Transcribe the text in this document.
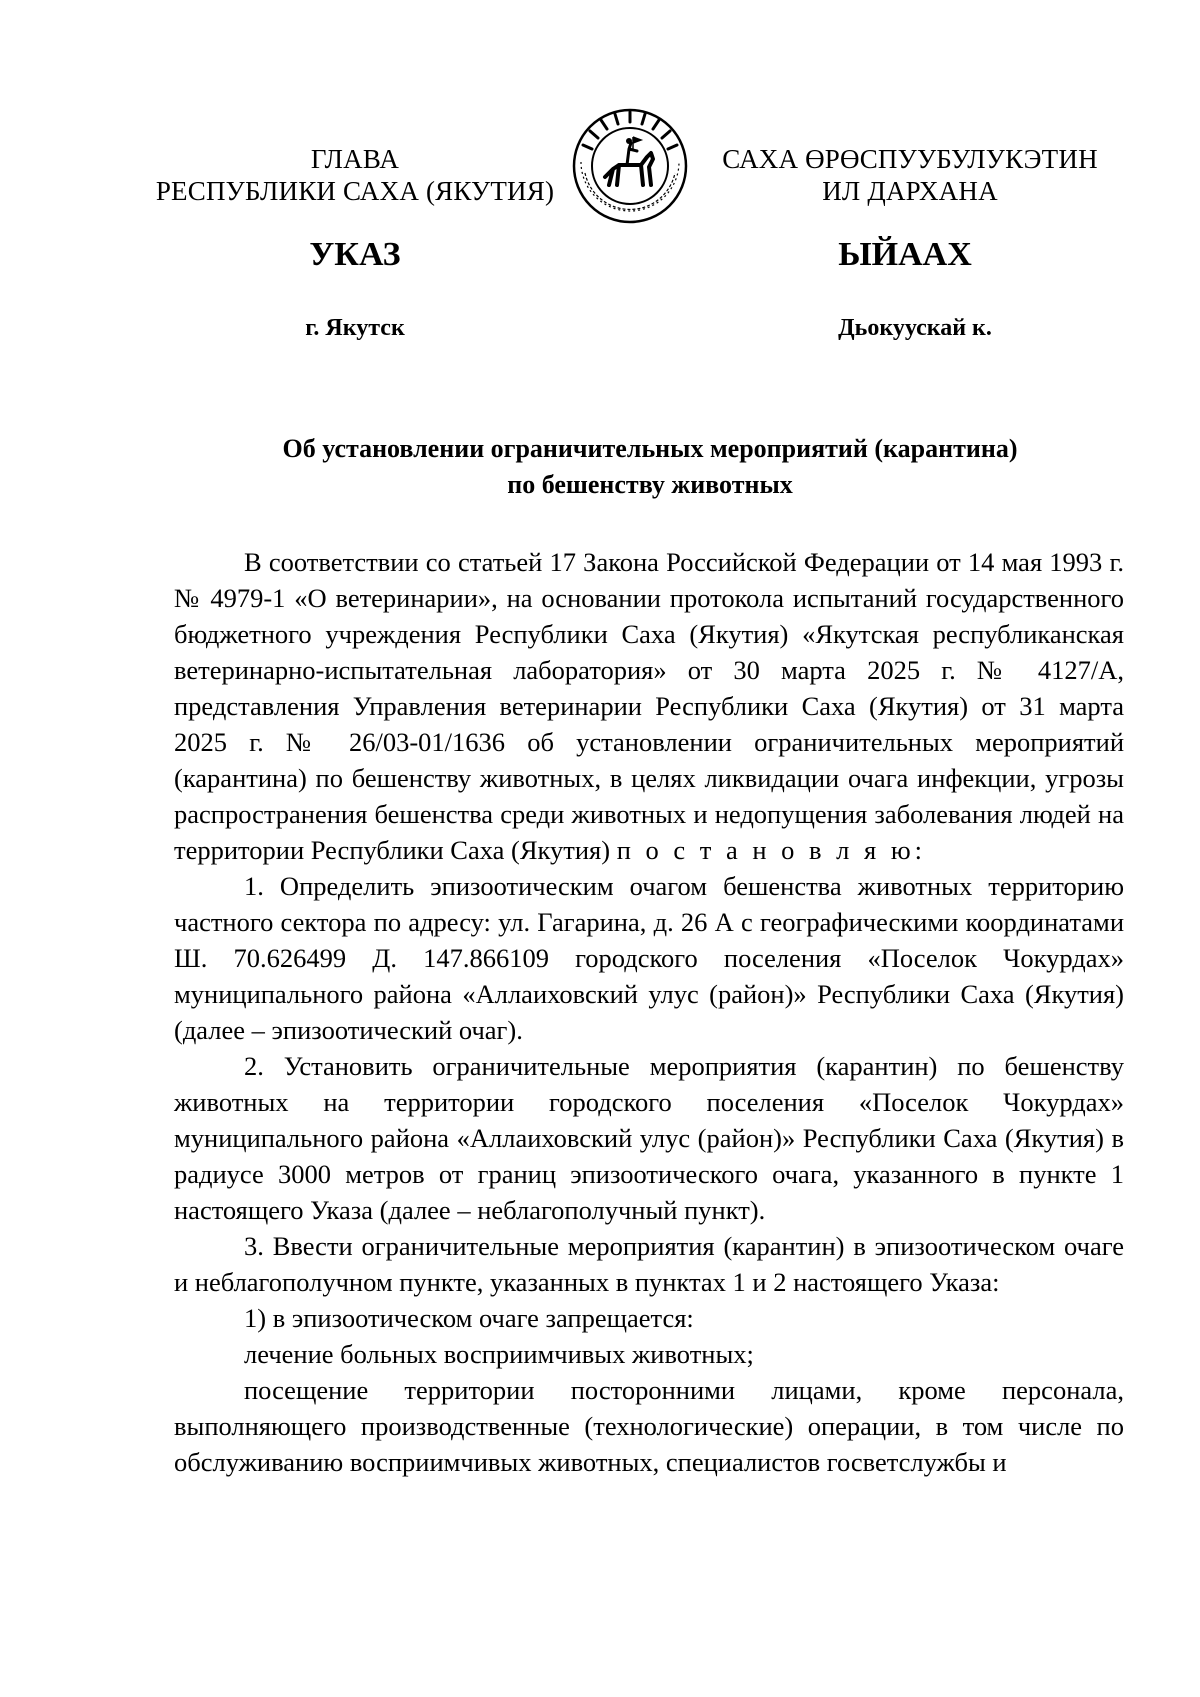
ГЛАВА
РЕСПУБЛИКИ САХА (ЯКУТИЯ)
САХА ӨРӨСПУУБУЛУКЭТИН
ИЛ ДАРХАНА
УКАЗ	ЫЙААХ
г. Якутск	Дьокуускай к.
Об установлении ограничительных мероприятий (карантина)
по бешенству животных

В соответствии со статьей 17 Закона Российской Федерации от 14 мая 1993 г. № 4979-1 «О ветеринарии», на основании протокола испытаний государственного бюджетного учреждения Республики Саха (Якутия) «Якутская республиканская ветеринарно-испытательная лаборатория» от 30 марта 2025 г. № 4127/А, представления Управления ветеринарии Республики Саха (Якутия) от 31 марта 2025 г. № 26/03-01/1636 об установлении ограничительных мероприятий (карантина) по бешенству животных, в целях ликвидации очага инфекции, угрозы распространения бешенства среди животных и недопущения заболевания людей на территории Республики Саха (Якутия) п о с т а н о в л я ю:

1. Определить эпизоотическим очагом бешенства животных территорию частного сектора по адресу: ул. Гагарина, д. 26 А с географическими координатами Ш. 70.626499 Д. 147.866109 городского поселения «Поселок Чокурдах» муниципального района «Аллаиховский улус (район)» Республики Саха (Якутия) (далее – эпизоотический очаг).

2. Установить ограничительные мероприятия (карантин) по бешенству животных на территории городского поселения «Поселок Чокурдах» муниципального района «Аллаиховский улус (район)» Республики Саха (Якутия) в радиусе 3000 метров от границ эпизоотического очага, указанного в пункте 1 настоящего Указа (далее – неблагополучный пункт).

3. Ввести ограничительные мероприятия (карантин) в эпизоотическом очаге и неблагополучном пункте, указанных в пунктах 1 и 2 настоящего Указа:

1) в эпизоотическом очаге запрещается:

лечение больных восприимчивых животных;

посещение территории посторонними лицами, кроме персонала, выполняющего производственные (технологические) операции, в том числе по обслуживанию восприимчивых животных, специалистов госветслужбы и
